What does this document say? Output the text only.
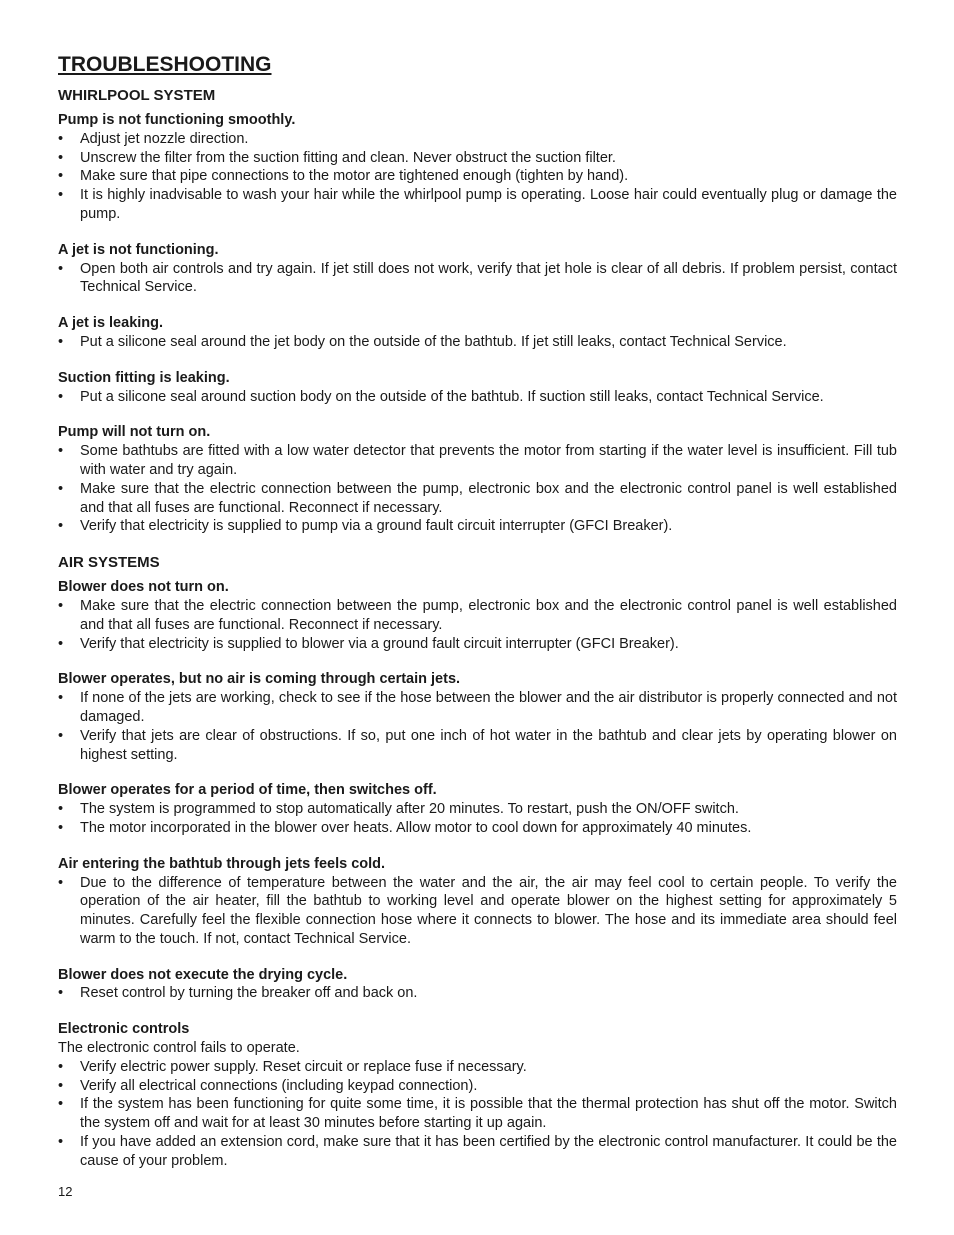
TROUBLESHOOTING
WHIRLPOOL SYSTEM
Pump is not functioning smoothly.
• Adjust jet nozzle direction.
• Unscrew the filter from the suction fitting and clean. Never obstruct the suction filter.
• Make sure that pipe connections to the motor are tightened enough (tighten by hand).
• It is highly inadvisable to wash your hair while the whirlpool pump is operating. Loose hair could eventually plug or damage the pump.
A jet is not functioning.
• Open both air controls and try again. If jet still does not work, verify that jet hole is clear of all debris. If problem persist, contact Technical Service.
A jet is leaking.
• Put a silicone seal around the jet body on the outside of the bathtub. If jet still leaks, contact Technical Service.
Suction fitting is leaking.
• Put a silicone seal around suction body on the outside of the bathtub. If suction still leaks, contact Technical Service.
Pump will not turn on.
• Some bathtubs are fitted with a low water detector that prevents the motor from starting if the water level is insufficient. Fill tub with water and try again.
• Make sure that the electric connection between the pump, electronic box and the electronic control panel is well established and that all fuses are functional. Reconnect if necessary.
• Verify that electricity is supplied to pump via a ground fault circuit interrupter (GFCI Breaker).
AIR SYSTEMS
Blower does not turn on.
• Make sure that the electric connection between the pump, electronic box and the electronic control panel is well established and that all fuses are functional. Reconnect if necessary.
• Verify that electricity is supplied to blower via a ground fault circuit interrupter (GFCI Breaker).
Blower operates, but no air is coming through certain jets.
• If none of the jets are working, check to see if the hose between the blower and the air distributor is properly connected and not damaged.
• Verify that jets are clear of obstructions. If so, put one inch of hot water in the bathtub and clear jets by operating blower on highest setting.
Blower operates for a period of time, then switches off.
• The system is programmed to stop automatically after 20 minutes. To restart, push the ON/OFF switch.
• The motor incorporated in the blower over heats. Allow motor to cool down for approximately 40 minutes.
Air entering the bathtub through jets feels cold.
• Due to the difference of temperature between the water and the air, the air may feel cool to certain people. To verify the operation of the air heater, fill the bathtub to working level and operate blower on the highest setting for approximately 5 minutes. Carefully feel the flexible connection hose where it connects to blower. The hose and its immediate area should feel warm to the touch. If not, contact Technical Service.
Blower does not execute the drying cycle.
• Reset control by turning the breaker off and back on.
Electronic controls
The electronic control fails to operate.
• Verify electric power supply. Reset circuit or replace fuse if necessary.
• Verify all electrical connections (including keypad connection).
• If the system has been functioning for quite some time, it is possible that the thermal protection has shut off the motor. Switch the system off and wait for at least 30 minutes before starting it up again.
• If you have added an extension cord, make sure that it has been certified by the electronic control manufacturer. It could be the cause of your problem.
12
